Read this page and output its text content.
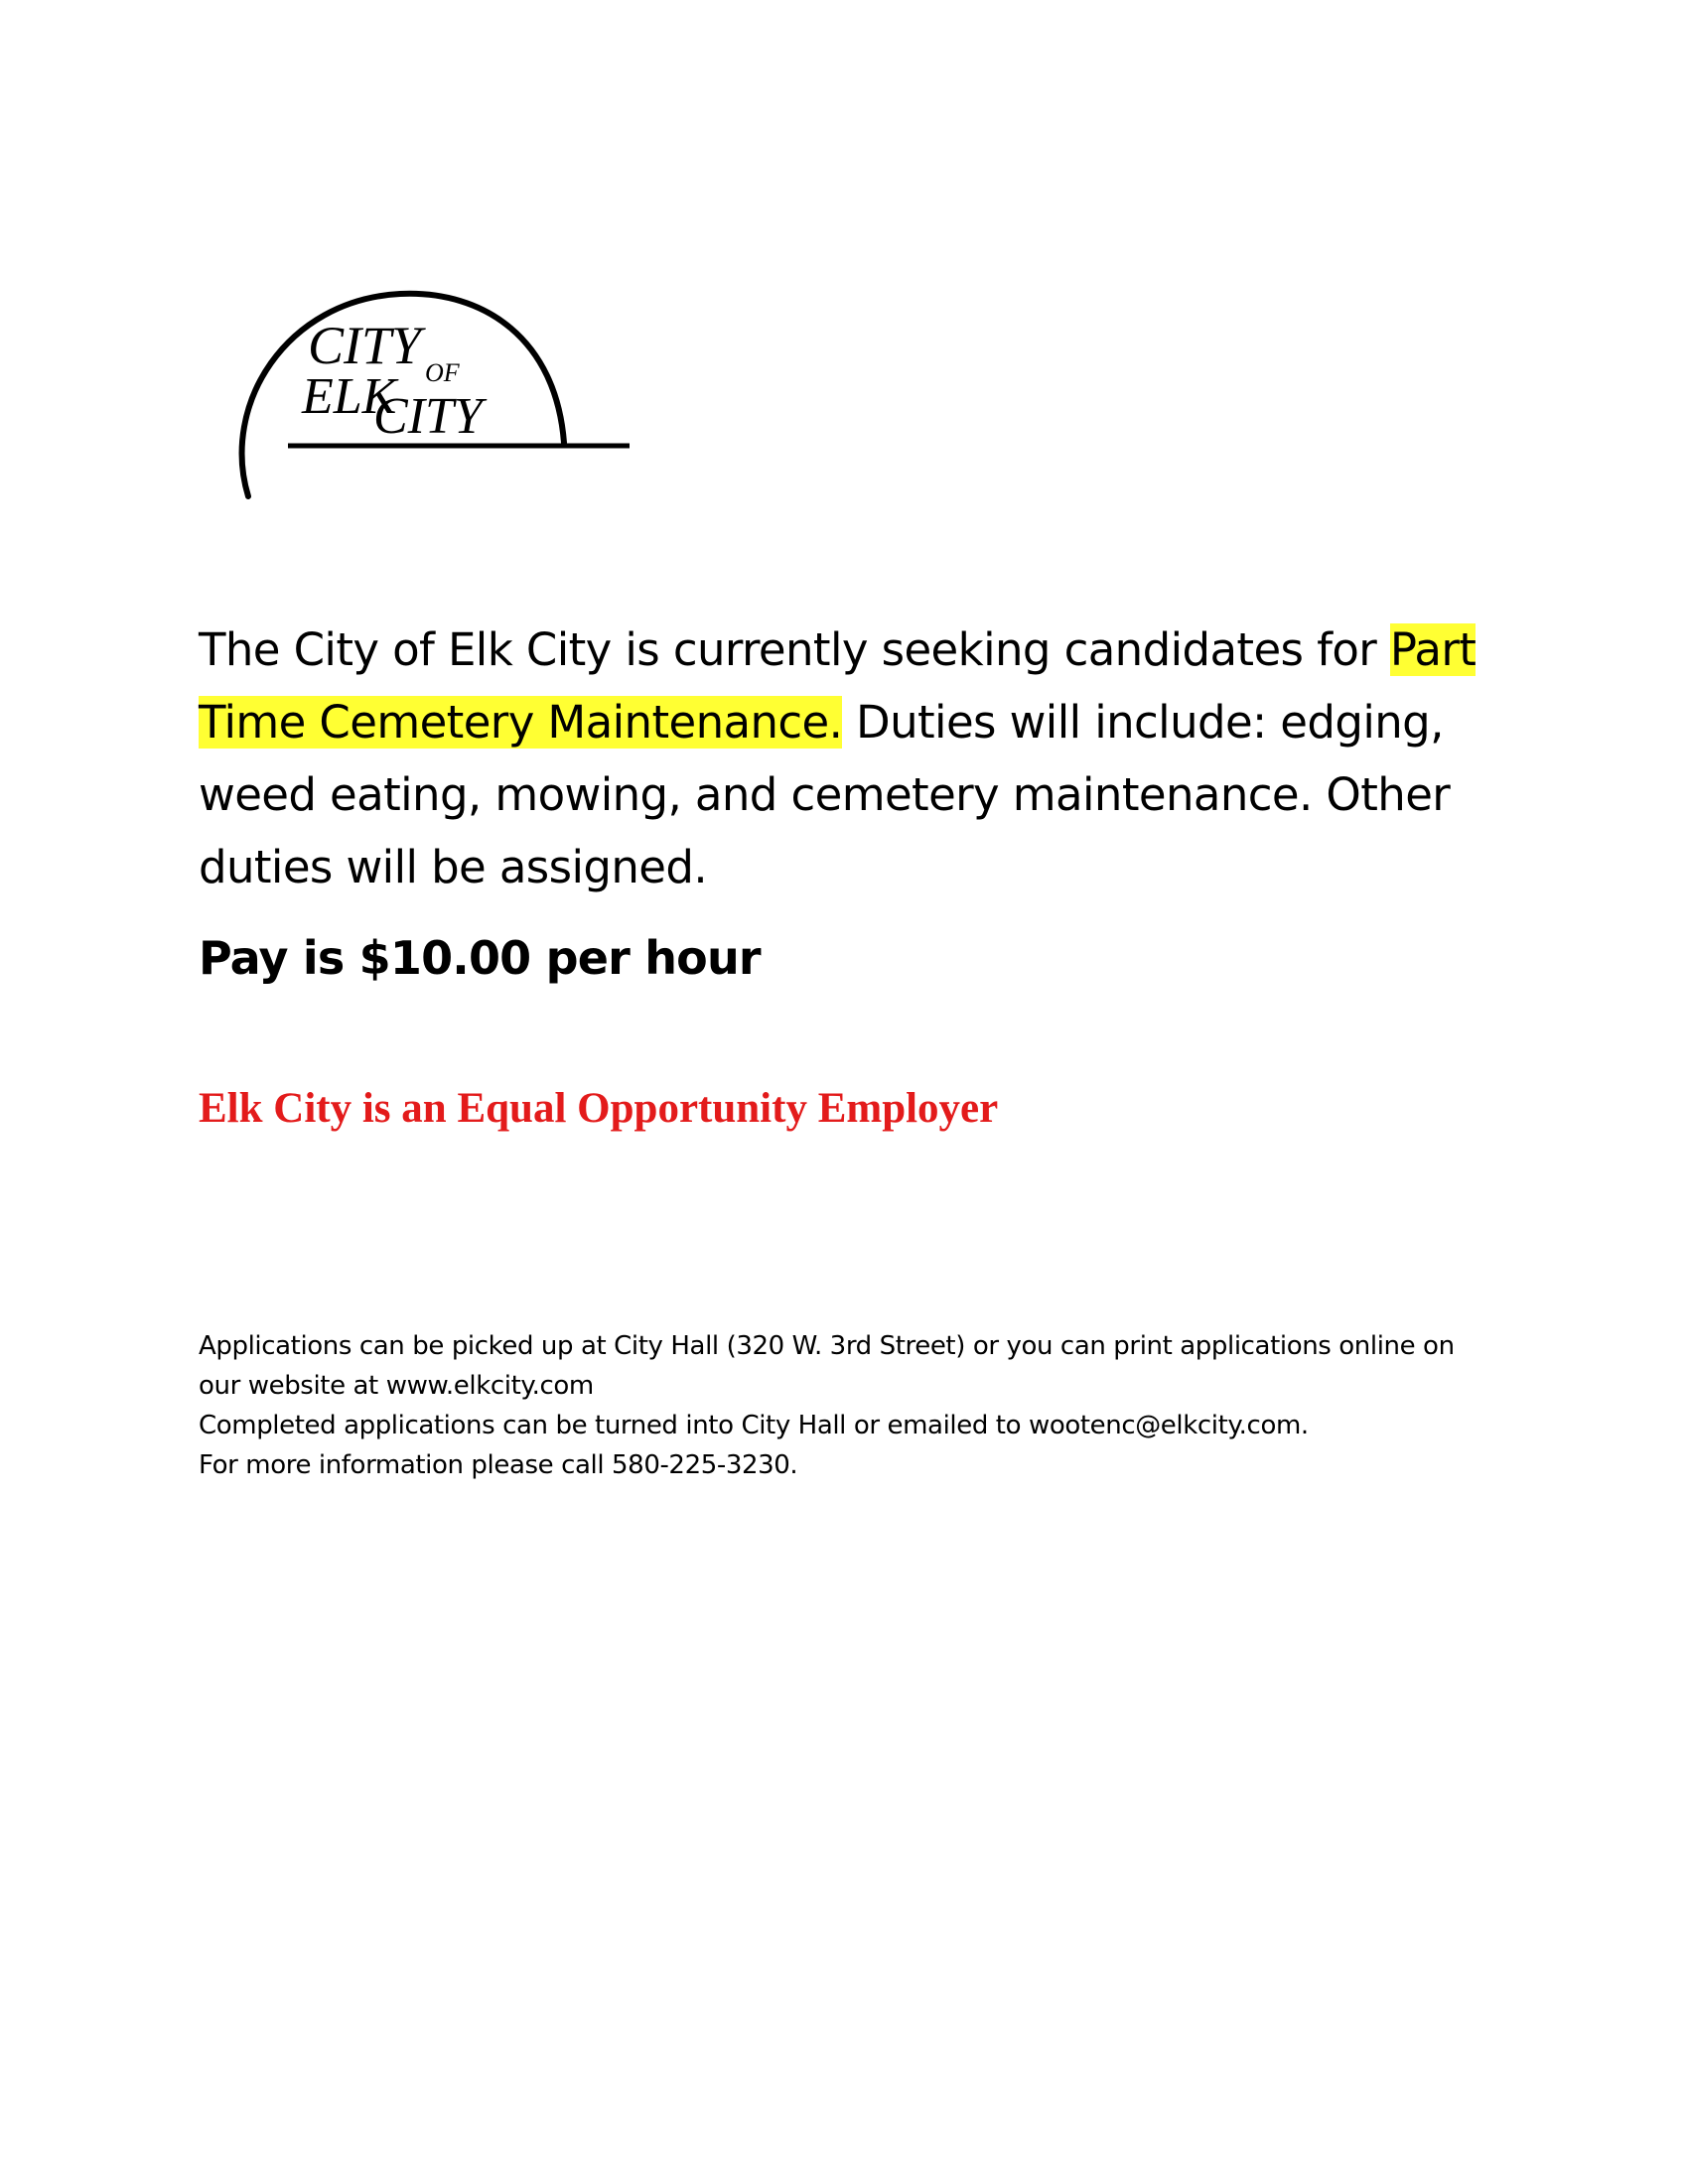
CITY OF
ELK
CITY

The City of Elk City is currently seeking candidates for Part Time Cemetery Maintenance. Duties will include: edging, weed eating, mowing, and cemetery maintenance. Other duties will be assigned.

Pay is $10.00 per hour

Elk City is an Equal Opportunity Employer

Applications can be picked up at City Hall (320 W. 3rd Street) or you can print applications online on our website at www.elkcity.com

Completed applications can be turned into City Hall or emailed to wootenc@elkcity.com.

For more information please call 580-225-3230.
